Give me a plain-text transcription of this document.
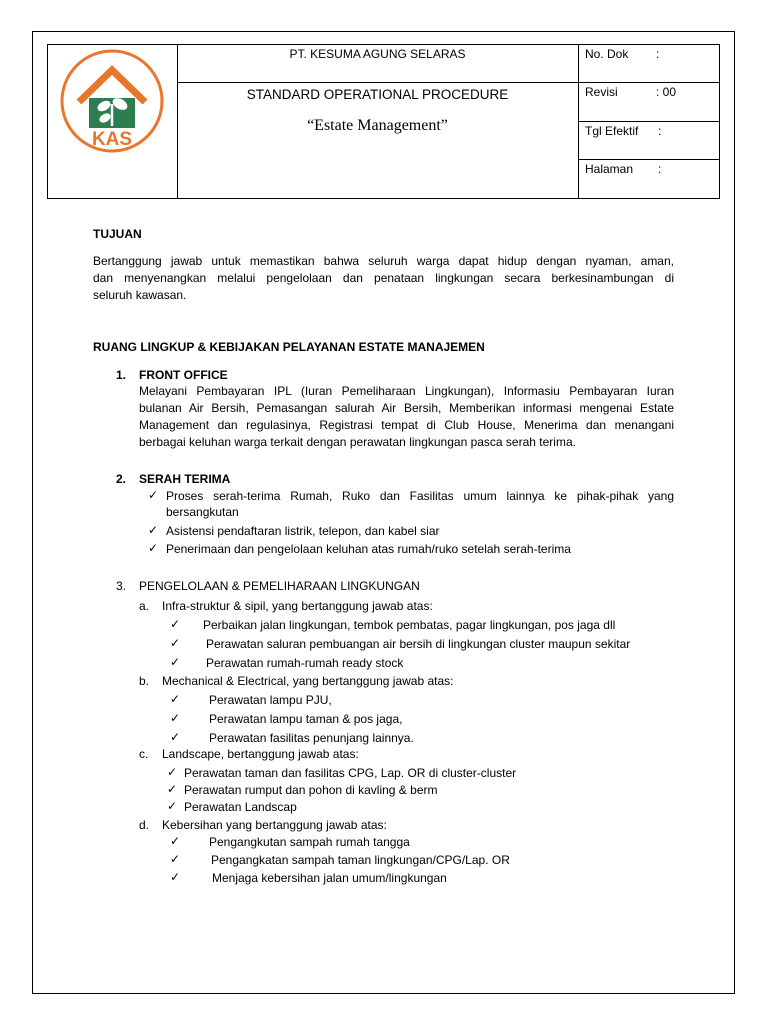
KAS
PT. KESUMA AGUNG SELARAS
STANDARD OPERATIONAL PROCEDURE
“Estate Management”
No. Dok :
Revisi	: 00
Tgl Efektif :
Halaman :
TUJUAN
Bertanggung jawab untuk memastikan bahwa seluruh warga dapat hidup dengan nyaman, aman,
dan menyenangkan melalui pengelolaan dan penataan lingkungan secara berkesinambungan di
seluruh kawasan.
RUANG LINGKUP & KEBIJAKAN PELAYANAN ESTATE MANAJEMEN
1. FRONT OFFICE
Melayani Pembayaran IPL (Iuran Pemeliharaan Lingkungan), Informasiu Pembayaran Iuran
bulanan Air Bersih, Pemasangan salurah Air Bersih, Memberikan informasi mengenai Estate
Management dan regulasinya, Registrasi tempat di Club House, Menerima dan menangani
berbagai keluhan warga terkait dengan perawatan lingkungan pasca serah terima.
2. SERAH TERIMA
✓ Proses serah-terima Rumah, Ruko dan Fasilitas umum lainnya ke pihak-pihak yang
bersangkutan
✓ Asistensi pendaftaran listrik, telepon, dan kabel siar
✓ Penerimaan dan pengelolaan keluhan atas rumah/ruko setelah serah-terima
3. PENGELOLAAN & PEMELIHARAAN LINGKUNGAN
a. Infra-struktur & sipil, yang bertanggung jawab atas:
✓ Perbaikan jalan lingkungan, tembok pembatas, pagar lingkungan, pos jaga dll
✓ Perawatan saluran pembuangan air bersih di lingkungan cluster maupun sekitar
✓ Perawatan rumah-rumah ready stock
b. Mechanical & Electrical, yang bertanggung jawab atas:
✓ Perawatan lampu PJU,
✓ Perawatan lampu taman & pos jaga,
✓ Perawatan fasilitas penunjang lainnya.
c. Landscape, bertanggung jawab atas:
✓ Perawatan taman dan fasilitas CPG, Lap. OR di cluster-cluster
✓ Perawatan rumput dan pohon di kavling & berm
✓ Perawatan Landscap
d. Kebersihan yang bertanggung jawab atas:
✓ Pengangkutan sampah rumah tangga
✓	Pengangkatan sampah taman lingkungan/CPG/Lap. OR
✓	Menjaga kebersihan jalan umum/lingkungan
